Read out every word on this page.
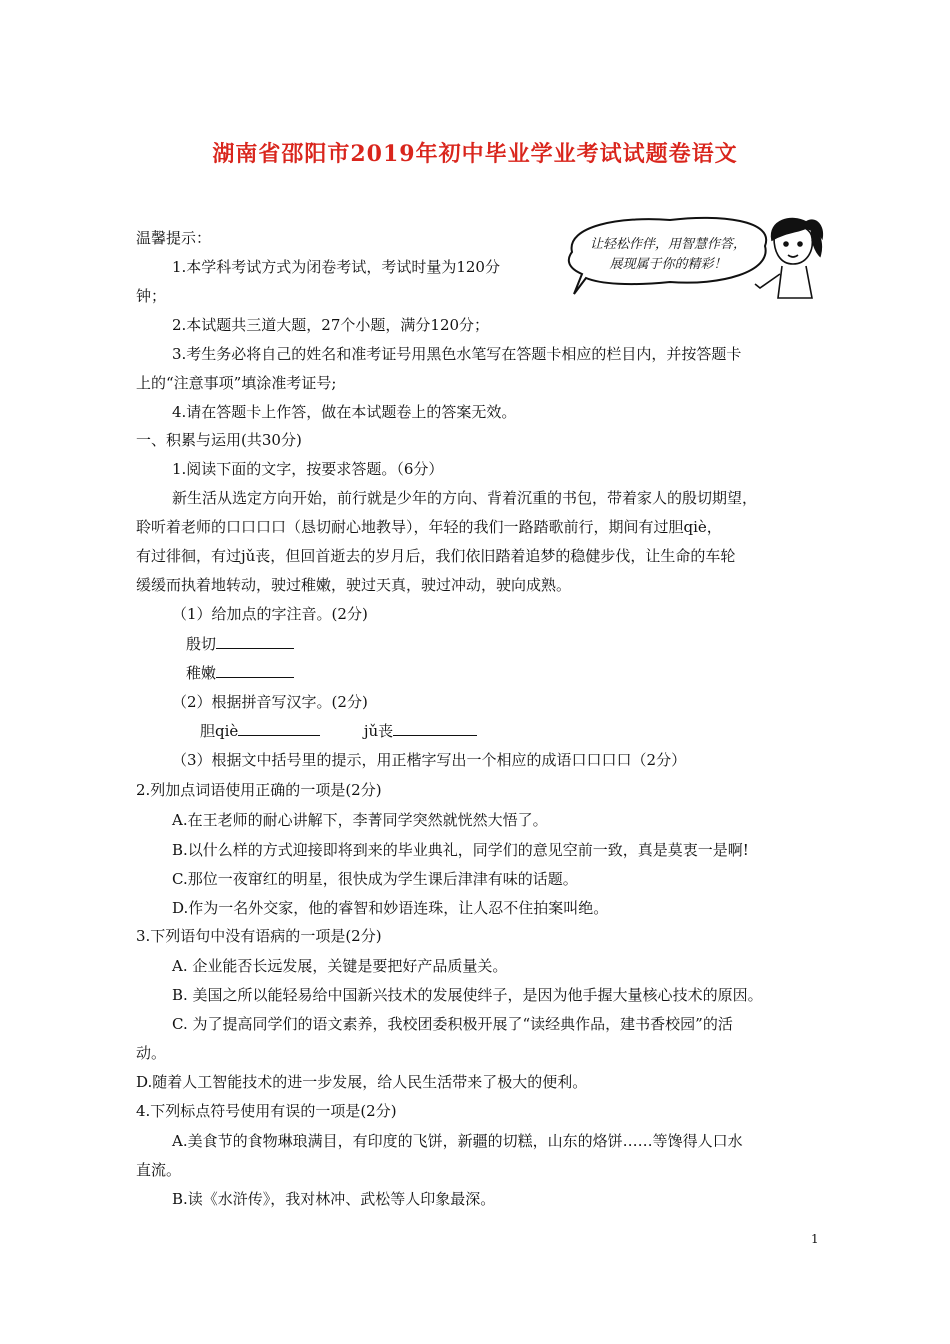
湖南省邵阳市2019年初中毕业学业考试试题卷语文
让轻松作伴，用智慧作答，
展现属于你的精彩！
温馨提示：
1.本学科考试方式为闭卷考试，考试时量为120分
钟；
2.本试题共三道大题，27个小题，满分120分；
3.考生务必将自己的姓名和准考证号用黑色水笔写在答题卡相应的栏目内，并按答题卡
上的“注意事项”填涂准考证号;
4.请在答题卡上作答，做在本试题卷上的答案无效。
一、积累与运用(共30分)
1.阅读下面的文字，按要求答题。（6分）
新生活从选定方向开始，前行就是少年的方向、背着沉重的书包，带着家人的殷切期望，
聆听着老师的口口口口（恳切耐心地教导），年轻的我们一路踏歌前行，期间有过胆qiè，
有过徘徊，有过jǔ丧，但回首逝去的岁月后，我们依旧踏着追梦的稳健步伐，让生命的车轮
缓缓而执着地转动，驶过稚嫩，驶过天真，驶过冲动，驶向成熟。
（1）给加点的字注音。(2分)
殷切
稚嫩
（2）根据拼音写汉字。(2分)
胆qiè	jǔ丧
（3）根据文中括号里的提示，用正楷字写出一个相应的成语口口口口（2分）
2.列加点词语使用正确的一项是(2分)
A.在王老师的耐心讲解下，李菁同学突然就恍然大悟了。
B.以什么样的方式迎接即将到来的毕业典礼，同学们的意见空前一致，真是莫衷一是啊!
C.那位一夜窜红的明星，很快成为学生课后津津有味的话题。
D.作为一名外交家，他的睿智和妙语连珠，让人忍不住拍案叫绝。
3.下列语句中没有语病的一项是(2分)
A. 企业能否长远发展，关键是要把好产品质量关。
B. 美国之所以能轻易给中国新兴技术的发展使绊子，是因为他手握大量核心技术的原因。
C. 为了提高同学们的语文素养，我校团委积极开展了“读经典作品，建书香校园”的活
动。
D.随着人工智能技术的进一步发展，给人民生活带来了极大的便利。
4.下列标点符号使用有误的一项是(2分)
A.美食节的食物琳琅满目，有印度的飞饼，新疆的切糕，山东的烙饼……等馋得人口水
直流。
B.读《水浒传》，我对林冲、武松等人印象最深。
1
